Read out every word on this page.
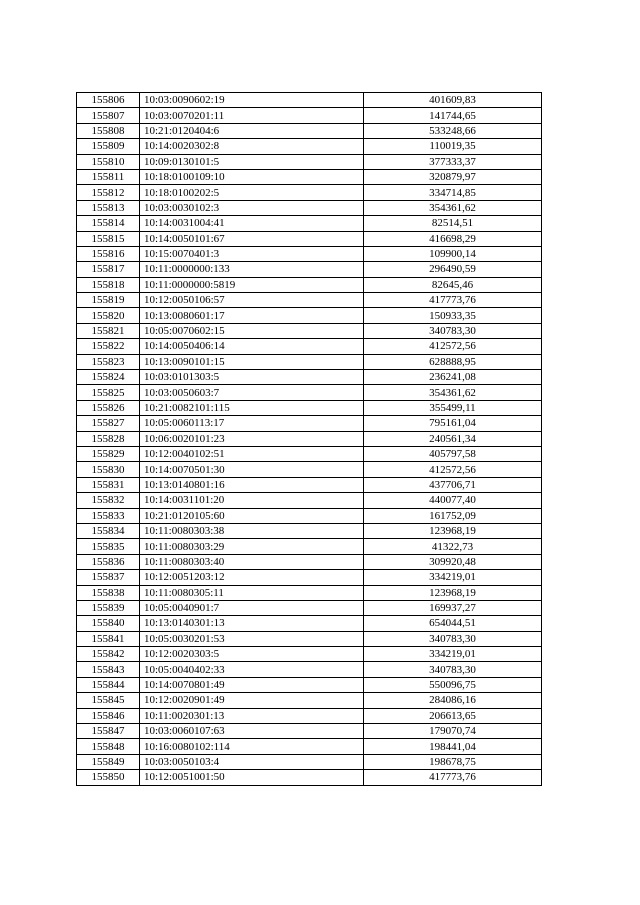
155806	10:03:0090602:19	401609,83
155807	10:03:0070201:11	141744,65
155808	10:21:0120404:6	533248,66
155809	10:14:0020302:8	110019,35
155810	10:09:0130101:5	377333,37
155811	10:18:0100109:10	320879,97
155812	10:18:0100202:5	334714,85
155813	10:03:0030102:3	354361,62
155814	10:14:0031004:41	82514,51
155815	10:14:0050101:67	416698,29
155816	10:15:0070401:3	109900,14
155817	10:11:0000000:133	296490,59
155818	10:11:0000000:5819	82645,46
155819	10:12:0050106:57	417773,76
155820	10:13:0080601:17	150933,35
155821	10:05:0070602:15	340783,30
155822	10:14:0050406:14	412572,56
155823	10:13:0090101:15	628888,95
155824	10:03:0101303:5	236241,08
155825	10:03:0050603:7	354361,62
155826	10:21:0082101:115	355499,11
155827	10:05:0060113:17	795161,04
155828	10:06:0020101:23	240561,34
155829	10:12:0040102:51	405797,58
155830	10:14:0070501:30	412572,56
155831	10:13:0140801:16	437706,71
155832	10:14:0031101:20	440077,40
155833	10:21:0120105:60	161752,09
155834	10:11:0080303:38	123968,19
155835	10:11:0080303:29	41322,73
155836	10:11:0080303:40	309920,48
155837	10:12:0051203:12	334219,01
155838	10:11:0080305:11	123968,19
155839	10:05:0040901:7	169937,27
155840	10:13:0140301:13	654044,51
155841	10:05:0030201:53	340783,30
155842	10:12:0020303:5	334219,01
155843	10:05:0040402:33	340783,30
155844	10:14:0070801:49	550096,75
155845	10:12:0020901:49	284086,16
155846	10:11:0020301:13	206613,65
155847	10:03:0060107:63	179070,74
155848	10:16:0080102:114	198441,04
155849	10:03:0050103:4	198678,75
155850	10:12:0051001:50	417773,76
